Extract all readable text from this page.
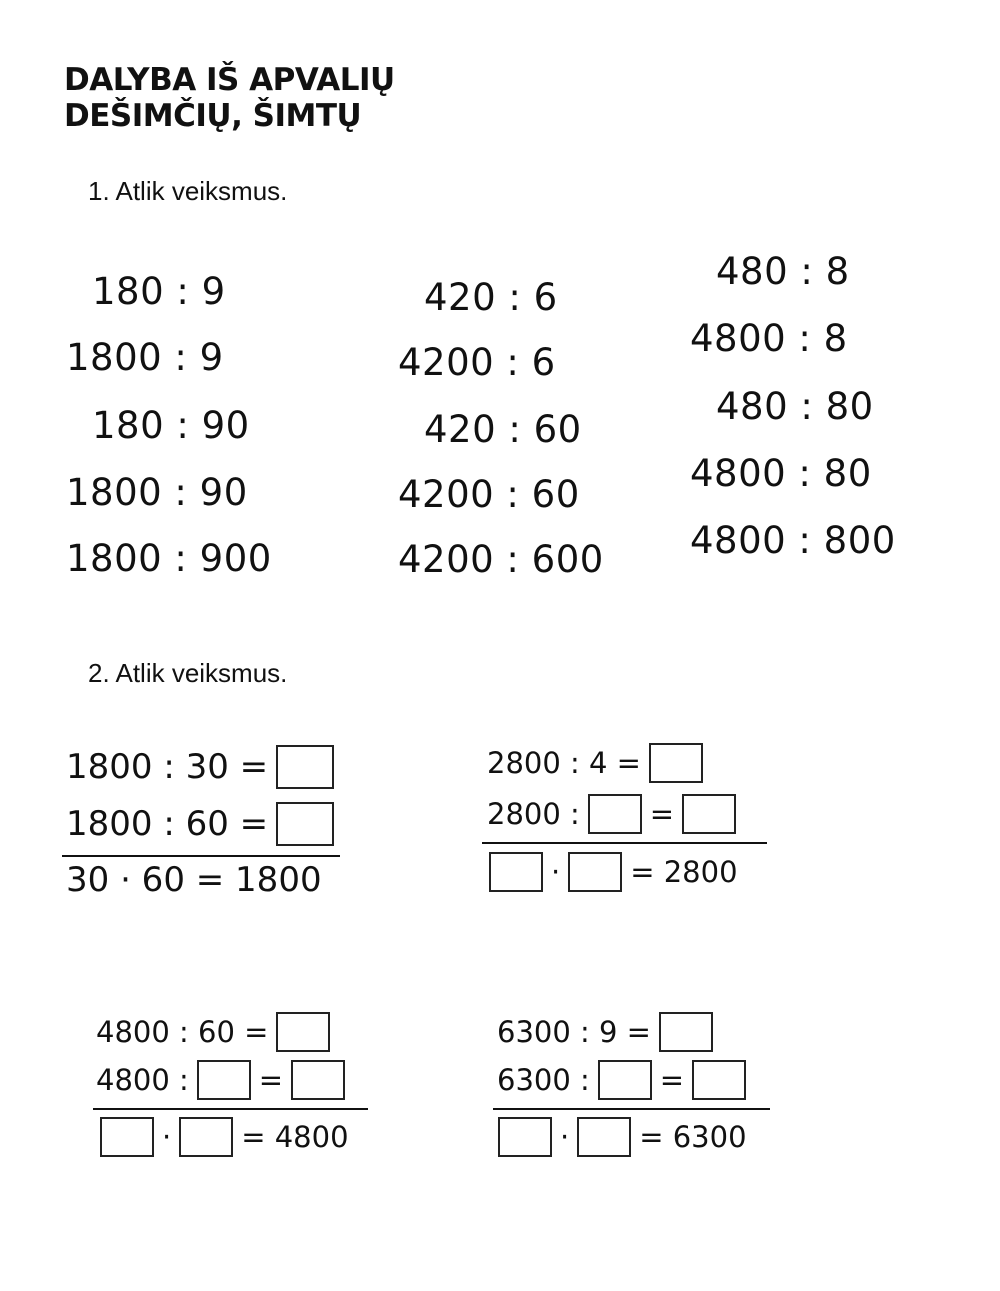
DALYBA IŠ APVALIŲ
DEŠIMČIŲ, ŠIMTŲ
1. Atlik veiksmus.
180 : 9
1800 : 9
180 : 90
1800 : 90
1800 : 900
420 : 6
4200 : 6
420 : 60
4200 : 60
4200 : 600
480 : 8
4800 : 8
480 : 80
4800 : 80
4800 : 800
2. Atlik veiksmus.
1800 : 30 =
1800 : 60 =
30 · 60 = 1800
2800 : 4 =
2800 : =
· = 2800
4800 : 60 =
4800 : =
· = 4800
6300 : 9 =
6300 : =
· = 6300
